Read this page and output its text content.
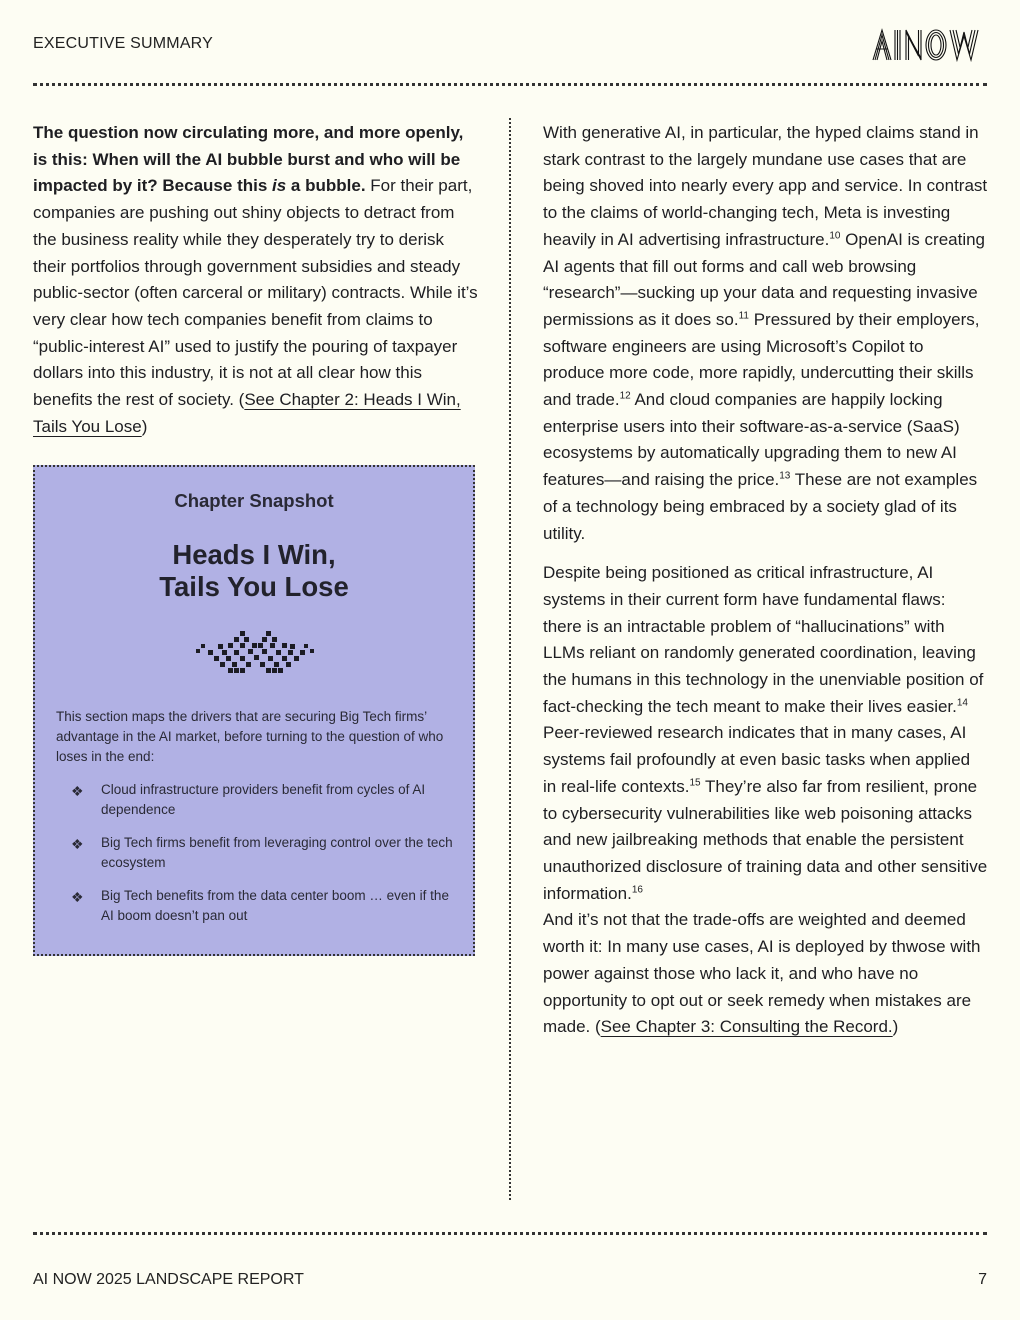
EXECUTIVE SUMMARY

The question now circulating more, and more openly, is this: When will the AI bubble burst and who will be impacted by it? Because this is a bubble. For their part, companies are pushing out shiny objects to detract from the business reality while they desperately try to derisk their portfolios through government subsidies and steady public-sector (often carceral or military) contracts. While it’s very clear how tech companies benefit from claims to “public-interest AI” used to justify the pouring of taxpayer dollars into this industry, it is not at all clear how this benefits the rest of society. (See Chapter 2: Heads I Win, Tails You Lose)

Chapter Snapshot
Heads I Win,
Tails You Lose
This section maps the drivers that are securing Big Tech firms’ advantage in the AI market, before turning to the question of who loses in the end:
❖ Cloud infrastructure providers benefit from cycles of AI dependence
❖ Big Tech firms benefit from leveraging control over the tech ecosystem
❖ Big Tech benefits from the data center boom … even if the AI boom doesn’t pan out

With generative AI, in particular, the hyped claims stand in stark contrast to the largely mundane use cases that are being shoved into nearly every app and service. In contrast to the claims of world-changing tech, Meta is investing heavily in AI advertising infrastructure.$^{10}$ OpenAI is creating AI agents that fill out forms and call web browsing “research”—sucking up your data and requesting invasive permissions as it does so.$^{11}$ Pressured by their employers, software engineers are using Microsoft’s Copilot to produce more code, more rapidly, undercutting their skills and trade.$^{12}$ And cloud companies are happily locking enterprise users into their software-as-a-service (SaaS) ecosystems by automatically upgrading them to new AI features—and raising the price.$^{13}$ These are not examples of a technology being embraced by a society glad of its utility.

Despite being positioned as critical infrastructure, AI systems in their current form have fundamental flaws: there is an intractable problem of “hallucinations” with LLMs reliant on randomly generated coordination, leaving the humans in this technology in the unenviable position of fact-checking the tech meant to make their lives easier.$^{14}$ Peer-reviewed research indicates that in many cases, AI systems fail profoundly at even basic tasks when applied in real-life contexts.$^{15}$ They’re also far from resilient, prone to cybersecurity vulnerabilities like web poisoning attacks and new jailbreaking methods that enable the persistent unauthorized disclosure of training data and other sensitive information.$^{16}$

And it’s not that the trade-offs are weighted and deemed worth it: In many use cases, AI is deployed by thwose with power against those who lack it, and who have no opportunity to opt out or seek remedy when mistakes are made. (See Chapter 3: Consulting the Record.)

AI NOW 2025 LANDSCAPE REPORT	7
